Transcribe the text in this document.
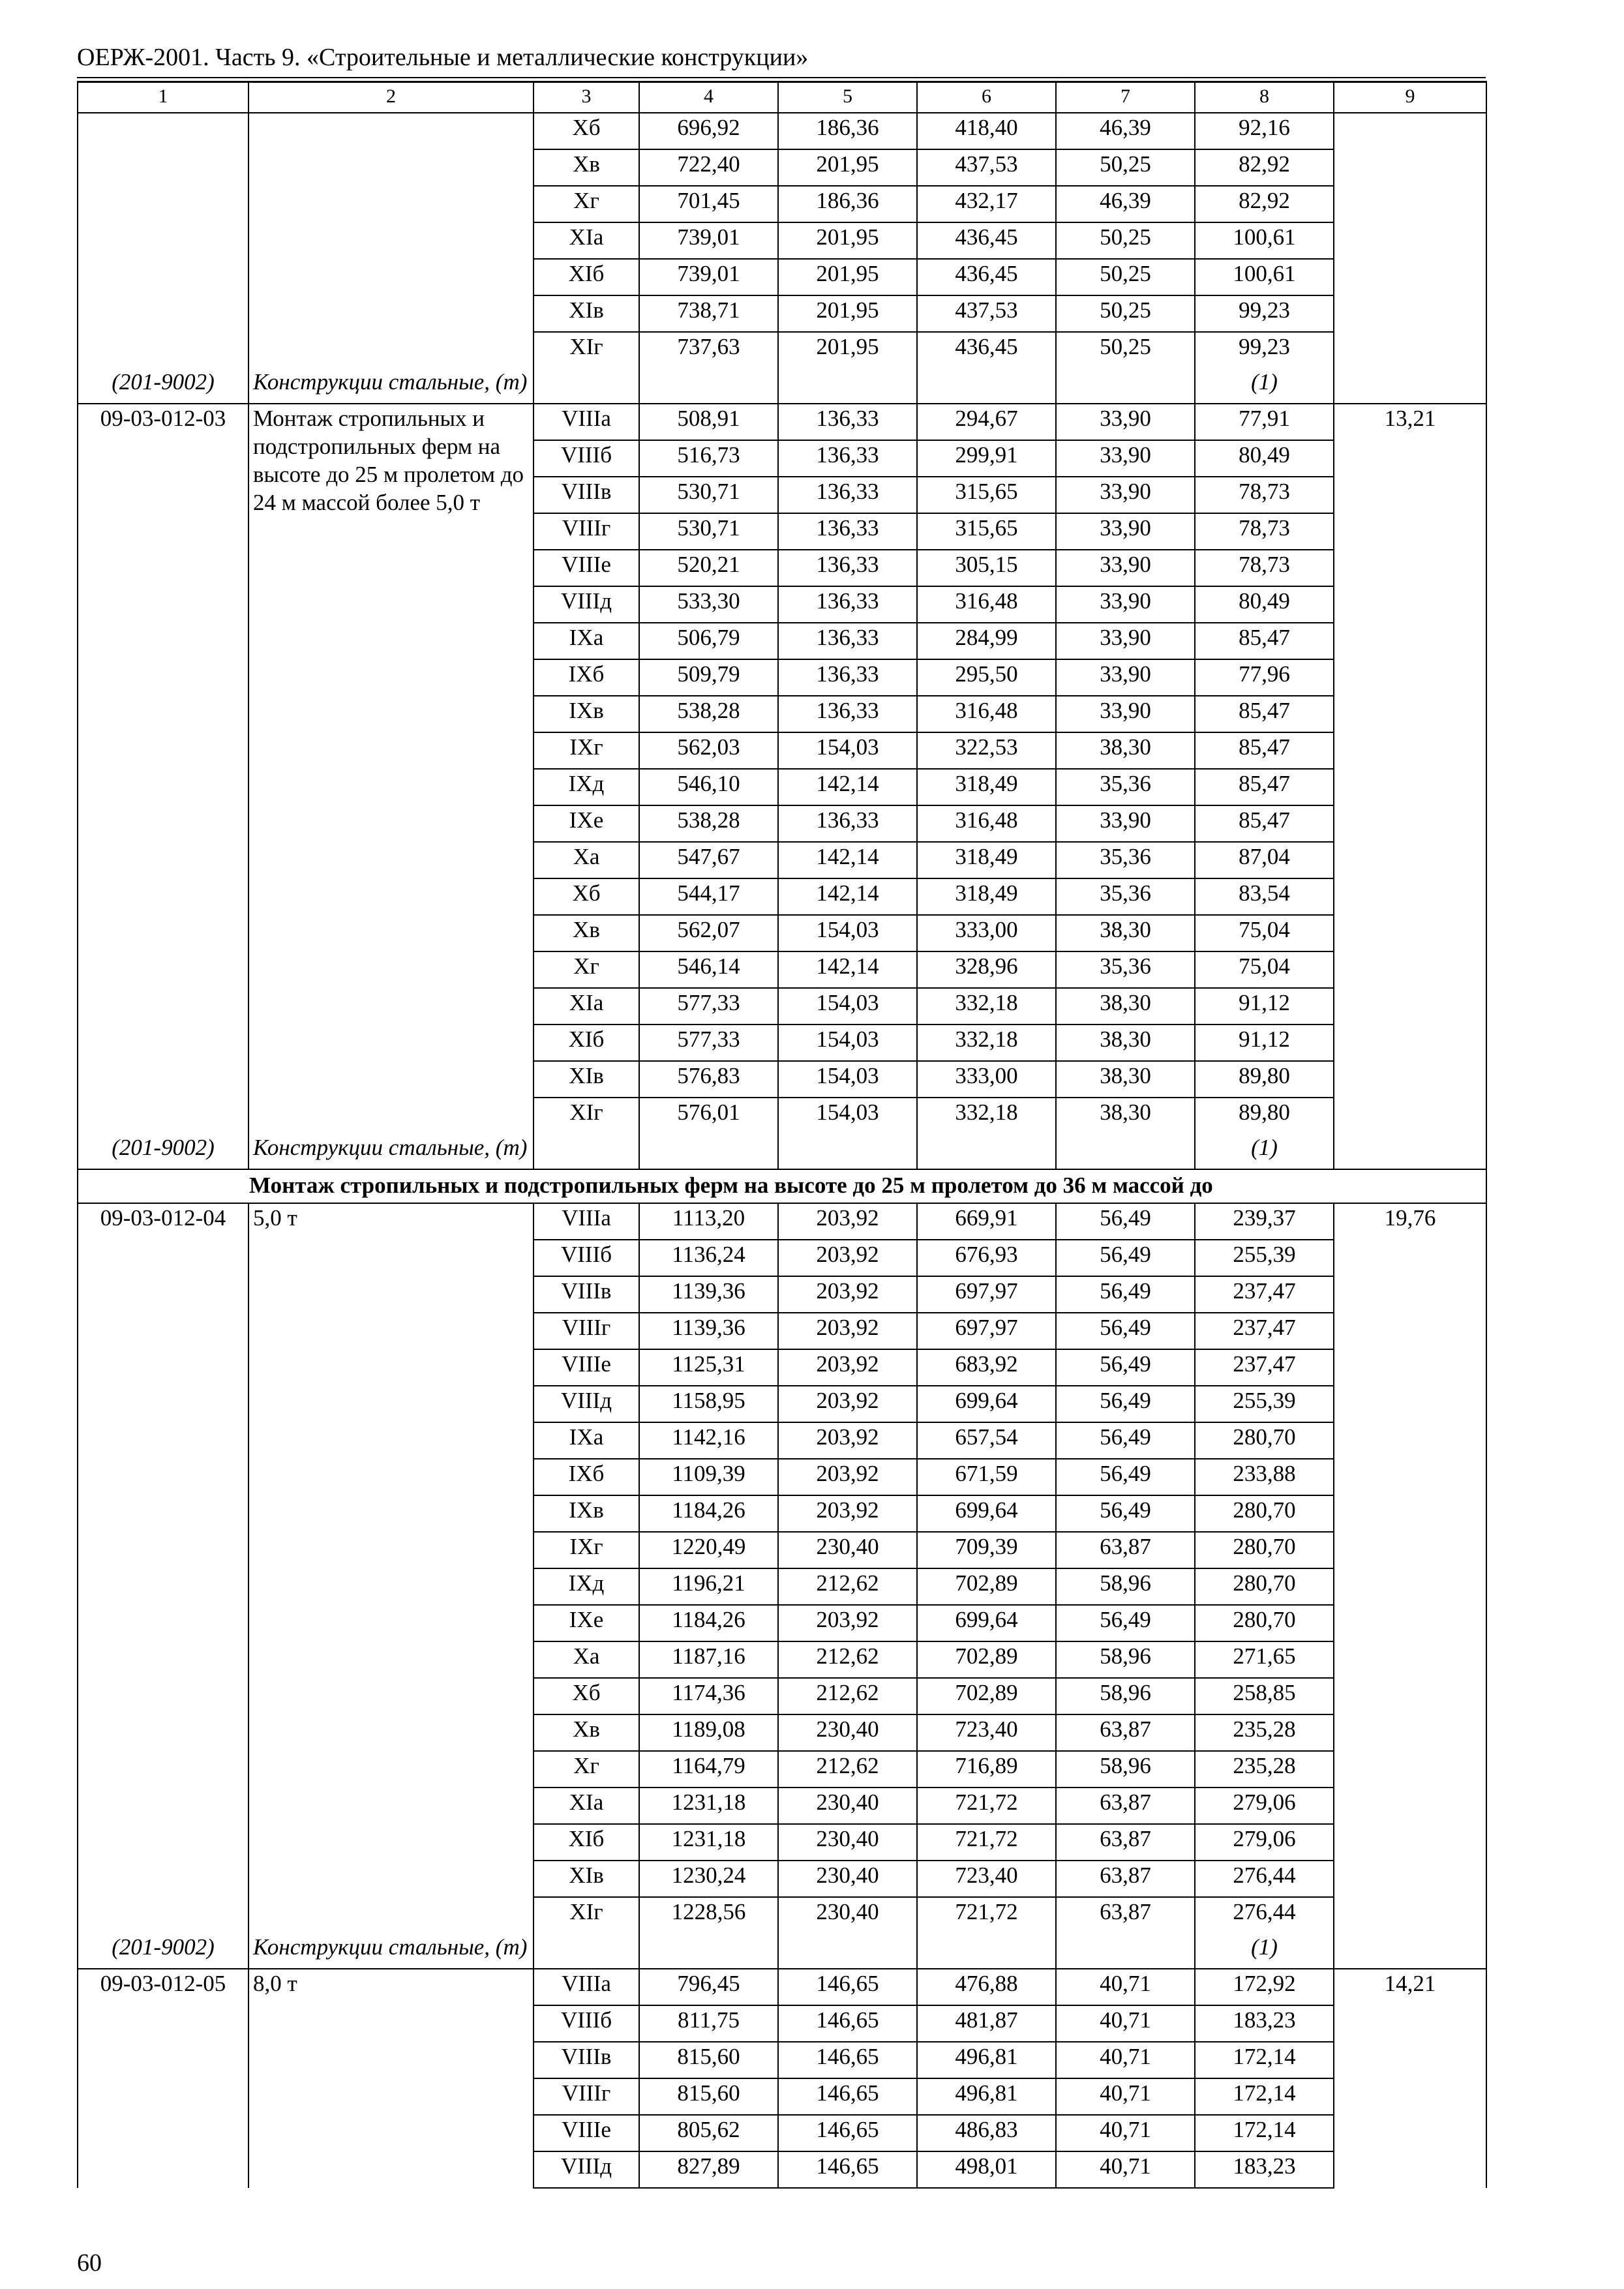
ОЕРЖ-2001. Часть 9. «Строительные и металлические конструкции»
1	2	3	4	5	6	7	8	9
		Хб	696,92	186,36	418,40	46,39	92,16	
		Хв	722,40	201,95	437,53	50,25	82,92	
		Хг	701,45	186,36	432,17	46,39	82,92	
		ХIа	739,01	201,95	436,45	50,25	100,61	
		ХIб	739,01	201,95	436,45	50,25	100,61	
		ХIв	738,71	201,95	437,53	50,25	99,23	
		ХIг	737,63	201,95	436,45	50,25	99,23	
(201-9002)	Конструкции стальные, (т)						(1)	
09-03-012-03	Монтаж стропильных и подстропильных ферм на высоте до 25 м пролетом до 24 м массой более 5,0 т	VIIIа	508,91	136,33	294,67	33,90	77,91	13,21
		VIIIб	516,73	136,33	299,91	33,90	80,49	
		VIIIв	530,71	136,33	315,65	33,90	78,73	
		VIIIг	530,71	136,33	315,65	33,90	78,73	
		VIIIе	520,21	136,33	305,15	33,90	78,73	
		VIIIд	533,30	136,33	316,48	33,90	80,49	
		IХа	506,79	136,33	284,99	33,90	85,47	
		IХб	509,79	136,33	295,50	33,90	77,96	
		IХв	538,28	136,33	316,48	33,90	85,47	
		IХг	562,03	154,03	322,53	38,30	85,47	
		IХд	546,10	142,14	318,49	35,36	85,47	
		IХе	538,28	136,33	316,48	33,90	85,47	
		Ха	547,67	142,14	318,49	35,36	87,04	
		Хб	544,17	142,14	318,49	35,36	83,54	
		Хв	562,07	154,03	333,00	38,30	75,04	
		Хг	546,14	142,14	328,96	35,36	75,04	
		ХIа	577,33	154,03	332,18	38,30	91,12	
		ХIб	577,33	154,03	332,18	38,30	91,12	
		ХIв	576,83	154,03	333,00	38,30	89,80	
		ХIг	576,01	154,03	332,18	38,30	89,80	
(201-9002)	Конструкции стальные, (т)						(1)	
Монтаж стропильных и подстропильных ферм на высоте до 25 м пролетом до 36 м массой до								
09-03-012-04	5,0 т	VIIIа	1113,20	203,92	669,91	56,49	239,37	19,76
		VIIIб	1136,24	203,92	676,93	56,49	255,39	
		VIIIв	1139,36	203,92	697,97	56,49	237,47	
		VIIIг	1139,36	203,92	697,97	56,49	237,47	
		VIIIе	1125,31	203,92	683,92	56,49	237,47	
		VIIIд	1158,95	203,92	699,64	56,49	255,39	
		IХа	1142,16	203,92	657,54	56,49	280,70	
		IХб	1109,39	203,92	671,59	56,49	233,88	
		IХв	1184,26	203,92	699,64	56,49	280,70	
		IХг	1220,49	230,40	709,39	63,87	280,70	
		IХд	1196,21	212,62	702,89	58,96	280,70	
		IХе	1184,26	203,92	699,64	56,49	280,70	
		Ха	1187,16	212,62	702,89	58,96	271,65	
		Хб	1174,36	212,62	702,89	58,96	258,85	
		Хв	1189,08	230,40	723,40	63,87	235,28	
		Хг	1164,79	212,62	716,89	58,96	235,28	
		ХIа	1231,18	230,40	721,72	63,87	279,06	
		ХIб	1231,18	230,40	721,72	63,87	279,06	
		ХIв	1230,24	230,40	723,40	63,87	276,44	
		ХIг	1228,56	230,40	721,72	63,87	276,44	
(201-9002)	Конструкции стальные, (т)						(1)	
09-03-012-05	8,0 т	VIIIа	796,45	146,65	476,88	40,71	172,92	14,21
		VIIIб	811,75	146,65	481,87	40,71	183,23	
		VIIIв	815,60	146,65	496,81	40,71	172,14	
		VIIIг	815,60	146,65	496,81	40,71	172,14	
		VIIIе	805,62	146,65	486,83	40,71	172,14	
		VIIIд	827,89	146,65	498,01	40,71	183,23	
60
